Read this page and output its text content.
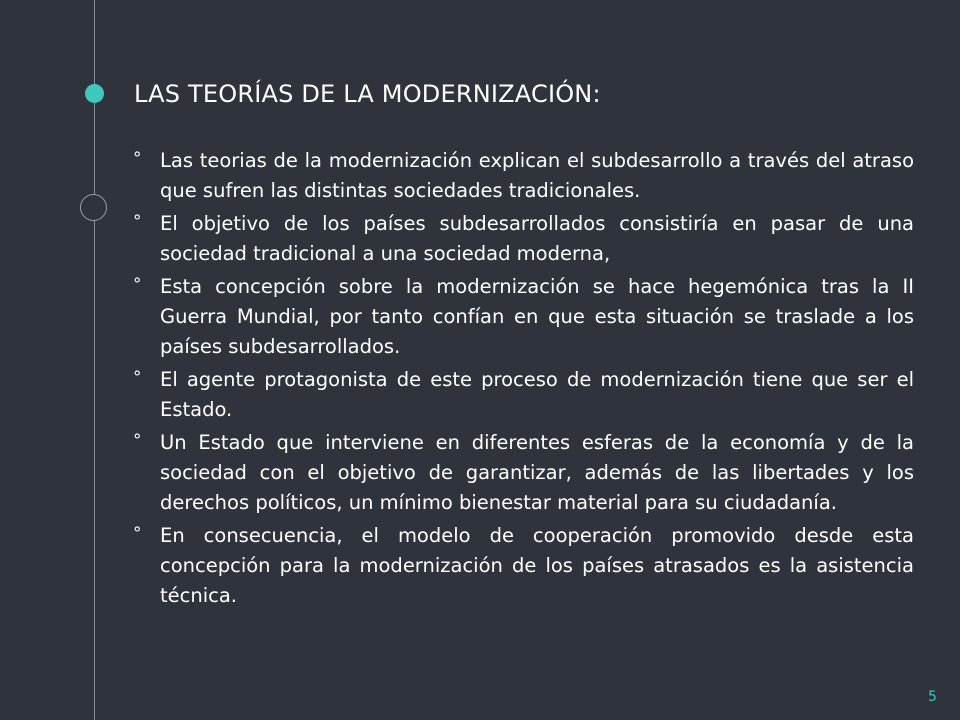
LAS TEORÍAS DE LA MODERNIZACIÓN:
° Las teorias de la modernización explican el subdesarrollo a través del atraso que sufren las distintas sociedades tradicionales.
° El objetivo de los países subdesarrollados consistiría en pasar de una sociedad tradicional a una sociedad moderna,
° Esta concepción sobre la modernización se hace hegemónica tras la II Guerra Mundial, por tanto confían en que esta situación se traslade a los países subdesarrollados.
° El agente protagonista de este proceso de modernización tiene que ser el Estado.
° Un Estado que interviene en diferentes esferas de la economía y de la sociedad con el objetivo de garantizar, además de las libertades y los derechos políticos, un mínimo bienestar material para su ciudadanía.
° En consecuencia, el modelo de cooperación promovido desde esta concepción para la modernización de los países atrasados es la asistencia técnica.
5
